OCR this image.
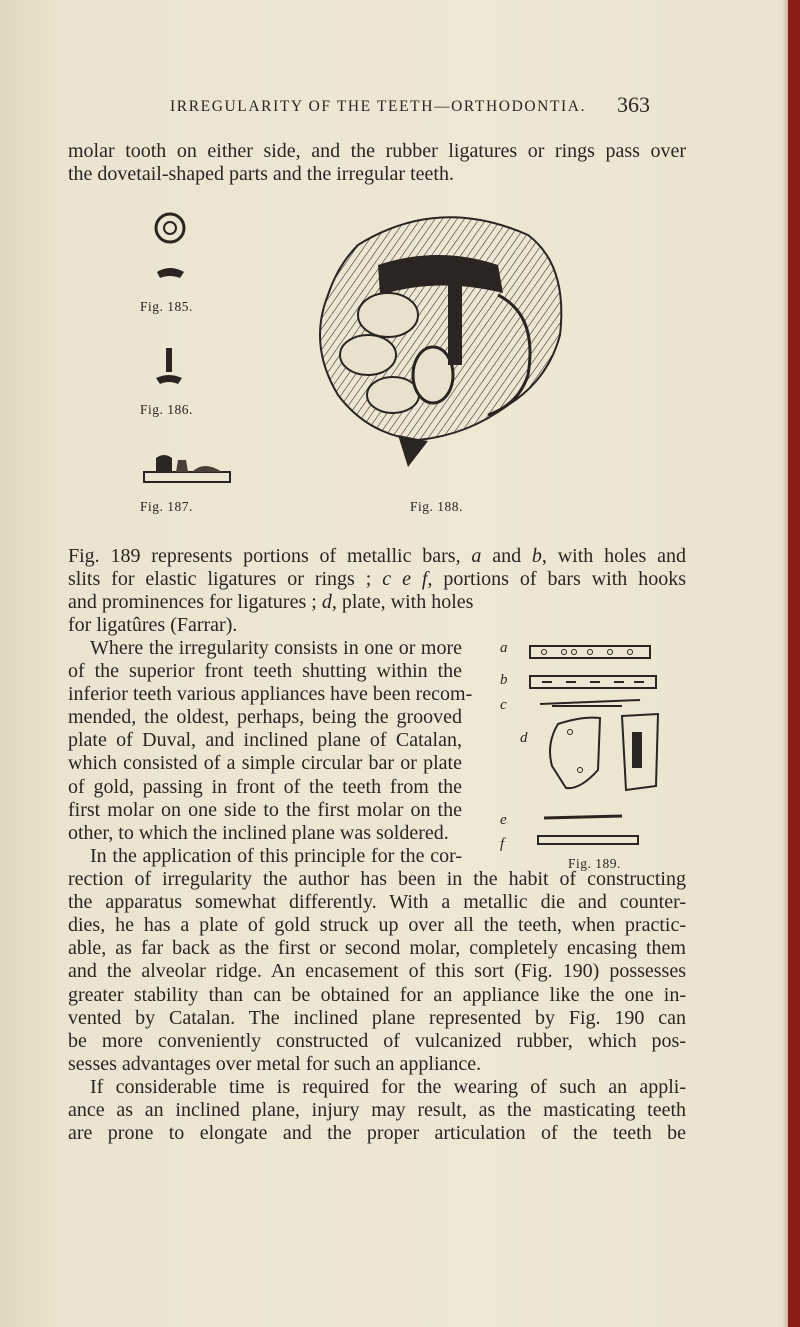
IRREGULARITY OF THE TEETH—ORTHODONTIA. 363
molar tooth on either side, and the rubber ligatures or rings pass over
the dovetail-shaped parts and the irregular teeth.
Fig. 185.
Fig. 186.
Fig. 187.	Fig. 188.
Fig. 189 represents portions of metallic bars, a and b, with holes and
slits for elastic ligatures or rings ; c e f, portions of bars with hooks
and prominences for ligatures ; d, plate, with holes
for ligatûres (Farrar).
Where the irregularity consists in one or more
of the superior front teeth shutting within the
inferior teeth various appliances have been recom-
mended, the oldest, perhaps, being the grooved
plate of Duval, and inclined plane of Catalan,
which consisted of a simple circular bar or plate
of gold, passing in front of the teeth from the
first molar on one side to the first molar on the
other, to which the inclined plane was soldered.
a
b
c
d
e
f
Fig. 189.
In the application of this principle for the cor-
rection of irregularity the author has been in the habit of constructing
the apparatus somewhat differently. With a metallic die and counter-
dies, he has a plate of gold struck up over all the teeth, when practic-
able, as far back as the first or second molar, completely encasing them
and the alveolar ridge. An encasement of this sort (Fig. 190) possesses
greater stability than can be obtained for an appliance like the one in-
vented by Catalan. The inclined plane represented by Fig. 190 can
be more conveniently constructed of vulcanized rubber, which pos-
sesses advantages over metal for such an appliance.
If considerable time is required for the wearing of such an appli-
ance as an inclined plane, injury may result, as the masticating teeth
are prone to elongate and the proper articulation of the teeth be
